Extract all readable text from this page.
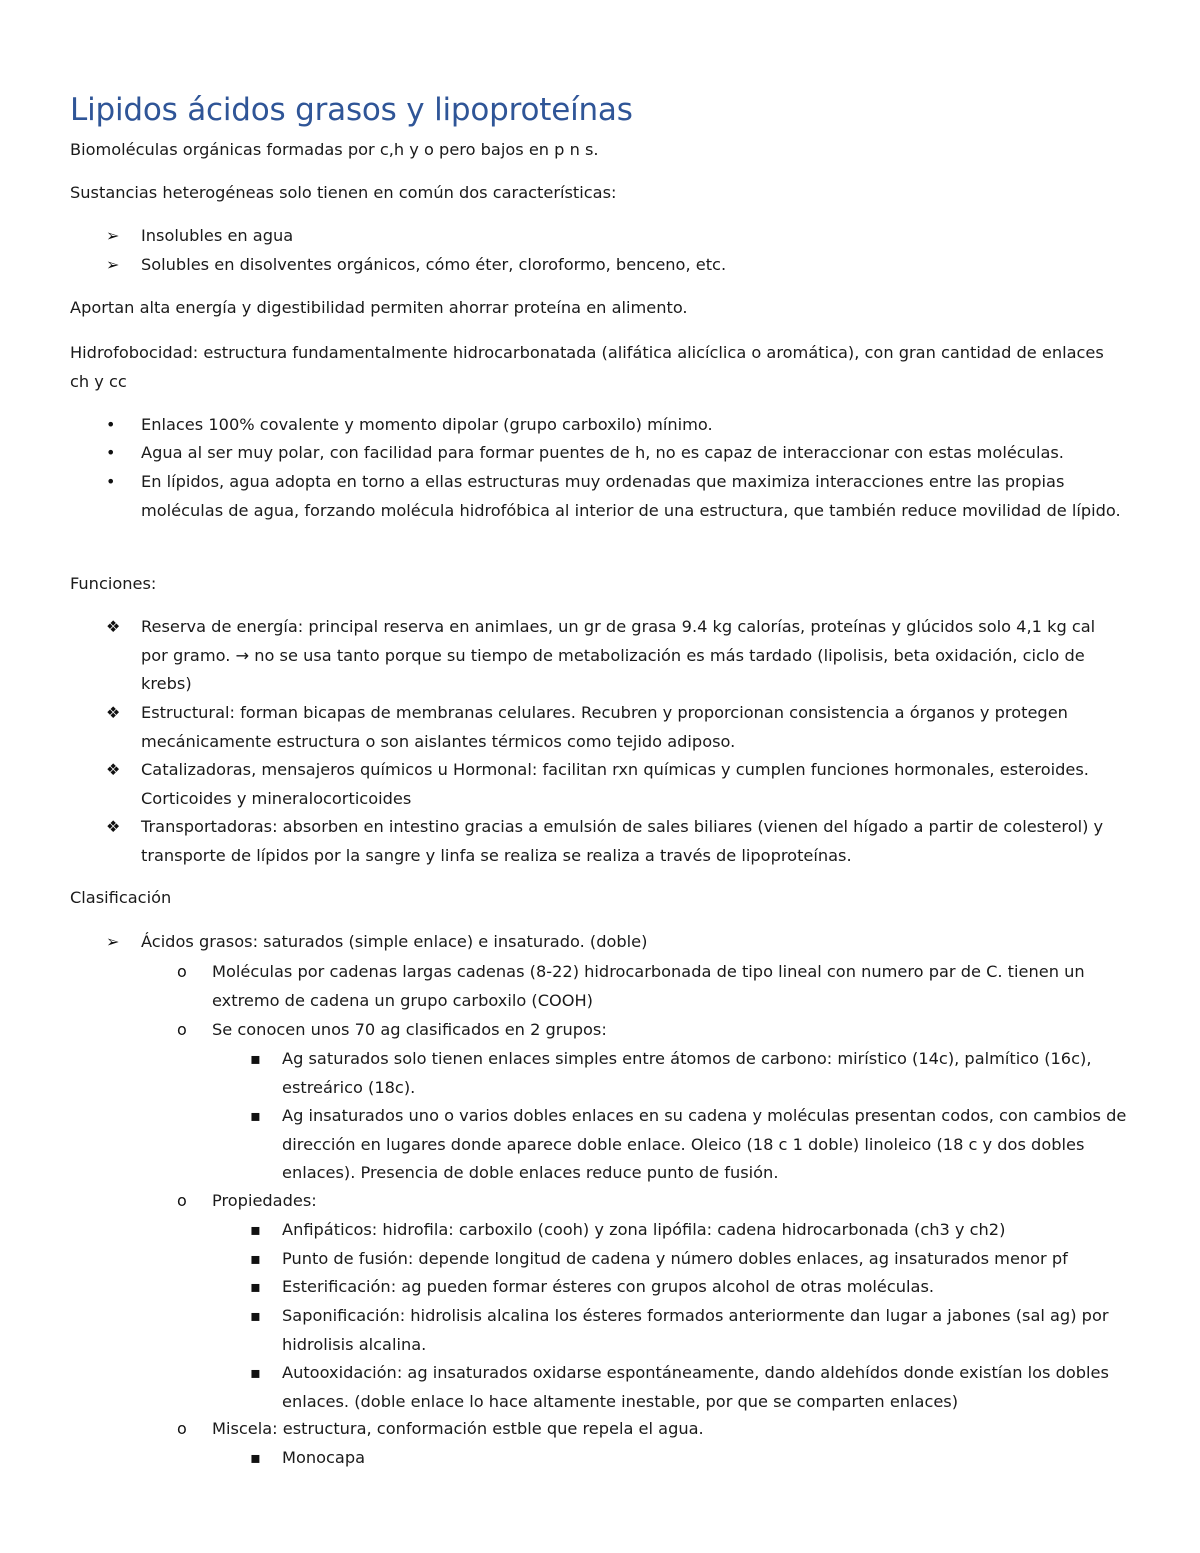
Lipidos ácidos grasos y lipoproteínas
Biomoléculas orgánicas formadas por c,h y o pero bajos en p n s.
Sustancias heterogéneas solo tienen en común dos características:
➢ Insolubles en agua
➢ Solubles en disolventes orgánicos, cómo éter, cloroformo, benceno, etc.
Aportan alta energía y digestibilidad permiten ahorrar proteína en alimento.
Hidrofobocidad: estructura fundamentalmente hidrocarbonatada (alifática alicíclica o aromática), con gran cantidad de enlaces ch y cc
• Enlaces 100% covalente y momento dipolar (grupo carboxilo) mínimo.
• Agua al ser muy polar, con facilidad para formar puentes de h, no es capaz de interaccionar con estas moléculas.
• En lípidos, agua adopta en torno a ellas estructuras muy ordenadas que maximiza interacciones entre las propias moléculas de agua, forzando molécula hidrofóbica al interior de una estructura, que también reduce movilidad de lípido.
Funciones:
❖ Reserva de energía: principal reserva en animlaes, un gr de grasa 9.4 kg calorías, proteínas y glúcidos solo 4,1 kg cal por gramo. → no se usa tanto porque su tiempo de metabolización es más tardado (lipolisis, beta oxidación, ciclo de krebs)
❖ Estructural: forman bicapas de membranas celulares. Recubren y proporcionan consistencia a órganos y protegen mecánicamente estructura o son aislantes térmicos como tejido adiposo.
❖ Catalizadoras, mensajeros químicos u Hormonal: facilitan rxn químicas y cumplen funciones hormonales, esteroides. Corticoides y mineralocorticoides
❖ Transportadoras: absorben en intestino gracias a emulsión de sales biliares (vienen del hígado a partir de colesterol) y transporte de lípidos por la sangre y linfa se realiza se realiza a través de lipoproteínas.
Clasificación
➢ Ácidos grasos: saturados (simple enlace) e insaturado. (doble)
o Moléculas por cadenas largas cadenas (8-22) hidrocarbonada de tipo lineal con numero par de C. tienen un extremo de cadena un grupo carboxilo (COOH)
o Se conocen unos 70 ag clasificados en 2 grupos:
▪ Ag saturados solo tienen enlaces simples entre átomos de carbono: mirístico (14c), palmítico (16c), estreárico (18c).
▪ Ag insaturados uno o varios dobles enlaces en su cadena y moléculas presentan codos, con cambios de dirección en lugares donde aparece doble enlace. Oleico (18 c 1 doble) linoleico (18 c y dos dobles enlaces). Presencia de doble enlaces reduce punto de fusión.
o Propiedades:
▪ Anfipáticos: hidrofila: carboxilo (cooh) y zona lipófila: cadena hidrocarbonada (ch3 y ch2)
▪ Punto de fusión: depende longitud de cadena y número dobles enlaces, ag insaturados menor pf
▪ Esterificación: ag pueden formar ésteres con grupos alcohol de otras moléculas.
▪ Saponificación: hidrolisis alcalina los ésteres formados anteriormente dan lugar a jabones (sal ag) por hidrolisis alcalina.
▪ Autooxidación: ag insaturados oxidarse espontáneamente, dando aldehídos donde existían los dobles enlaces. (doble enlace lo hace altamente inestable, por que se comparten enlaces)
o Miscela: estructura, conformación estble que repela el agua.
▪ Monocapa
